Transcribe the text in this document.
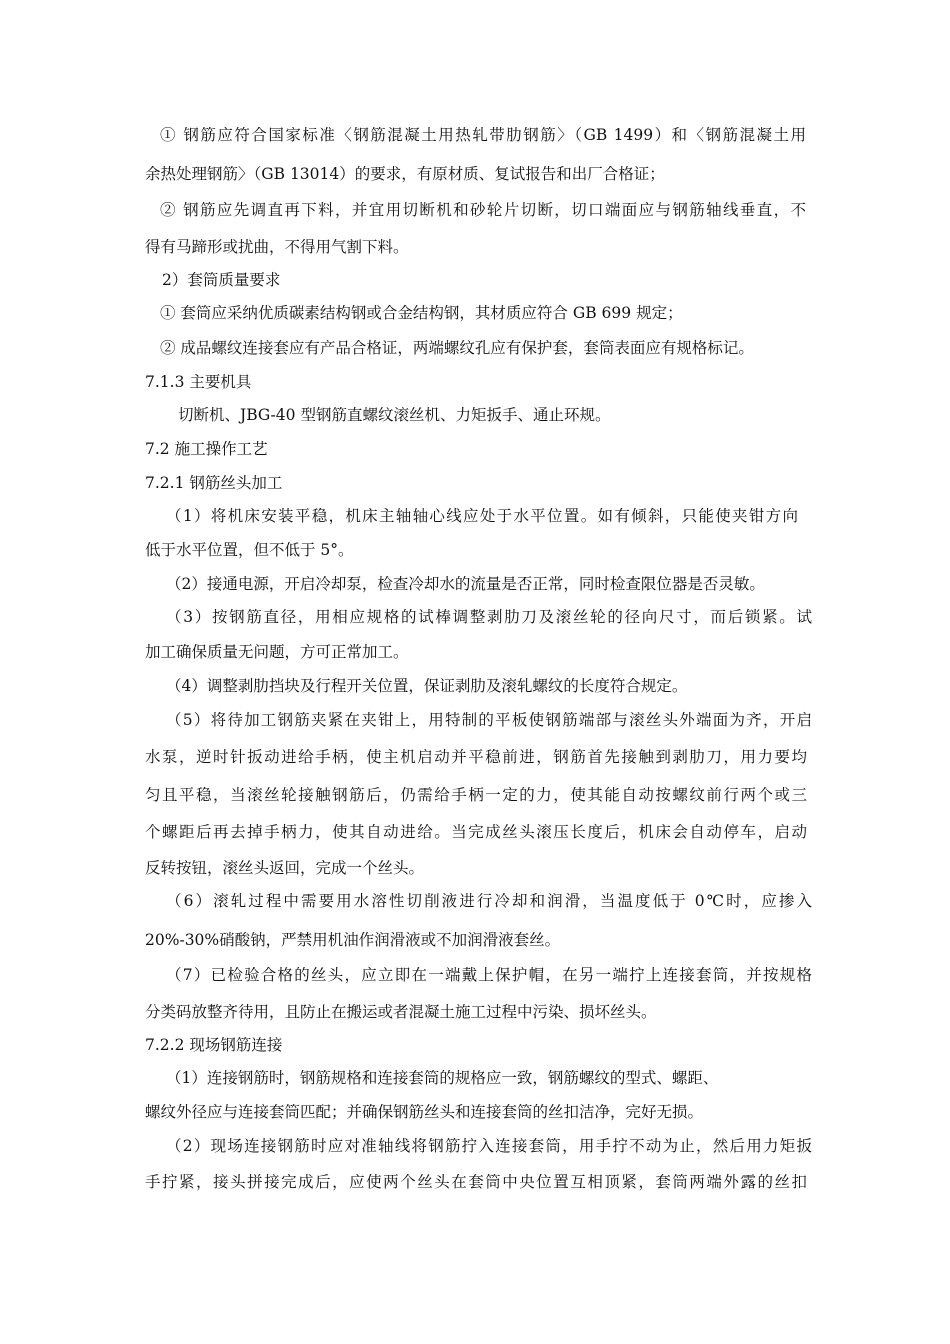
① 钢筋应符合国家标准〈钢筋混凝土用热轧带肋钢筋〉（GB 1499）和〈钢筋混凝土用
余热处理钢筋〉（GB 13014）的要求，有原材质、复试报告和出厂合格证；
② 钢筋应先调直再下料，并宜用切断机和砂轮片切断，切口端面应与钢筋轴线垂直，不
得有马蹄形或扰曲，不得用气割下料。
2）套筒质量要求
① 套筒应采纳优质碳素结构钢或合金结构钢，其材质应符合 GB 699 规定；
② 成品螺纹连接套应有产品合格证，两端螺纹孔应有保护套，套筒表面应有规格标记。
7.1.3 主要机具
切断机、JBG-40 型钢筋直螺纹滚丝机、力矩扳手、通止环规。
7.2 施工操作工艺
7.2.1 钢筋丝头加工
（1）将机床安装平稳，机床主轴轴心线应处于水平位置。如有倾斜，只能使夹钳方向
低于水平位置，但不低于 5°。
（2）接通电源，开启冷却泵，检查冷却水的流量是否正常，同时检查限位器是否灵敏。
（3）按钢筋直径，用相应规格的试棒调整剥肋刀及滚丝轮的径向尺寸，而后锁紧。试
加工确保质量无问题，方可正常加工。
（4）调整剥肋挡块及行程开关位置，保证剥肋及滚轧螺纹的长度符合规定。
（5）将待加工钢筋夹紧在夹钳上，用特制的平板使钢筋端部与滚丝头外端面为齐，开启
水泵，逆时针扳动进给手柄，使主机启动并平稳前进，钢筋首先接触到剥肋刀，用力要均
匀且平稳，当滚丝轮接触钢筋后，仍需给手柄一定的力，使其能自动按螺纹前行两个或三
个螺距后再去掉手柄力，使其自动进给。当完成丝头滚压长度后，机床会自动停车，启动
反转按钮，滚丝头返回，完成一个丝头。
（6）滚轧过程中需要用水溶性切削液进行冷却和润滑，当温度低于 0℃时，应掺入
20%-30%硝酸钠，严禁用机油作润滑液或不加润滑液套丝。
（7）已检验合格的丝头，应立即在一端戴上保护帽，在另一端拧上连接套筒，并按规格
分类码放整齐待用，且防止在搬运或者混凝土施工过程中污染、损坏丝头。
7.2.2 现场钢筋连接
（1）连接钢筋时，钢筋规格和连接套筒的规格应一致，钢筋螺纹的型式、螺距、
螺纹外径应与连接套筒匹配；并确保钢筋丝头和连接套筒的丝扣洁净，完好无损。
（2）现场连接钢筋时应对准轴线将钢筋拧入连接套筒，用手拧不动为止，然后用力矩扳
手拧紧，接头拼接完成后，应使两个丝头在套筒中央位置互相顶紧，套筒两端外露的丝扣
